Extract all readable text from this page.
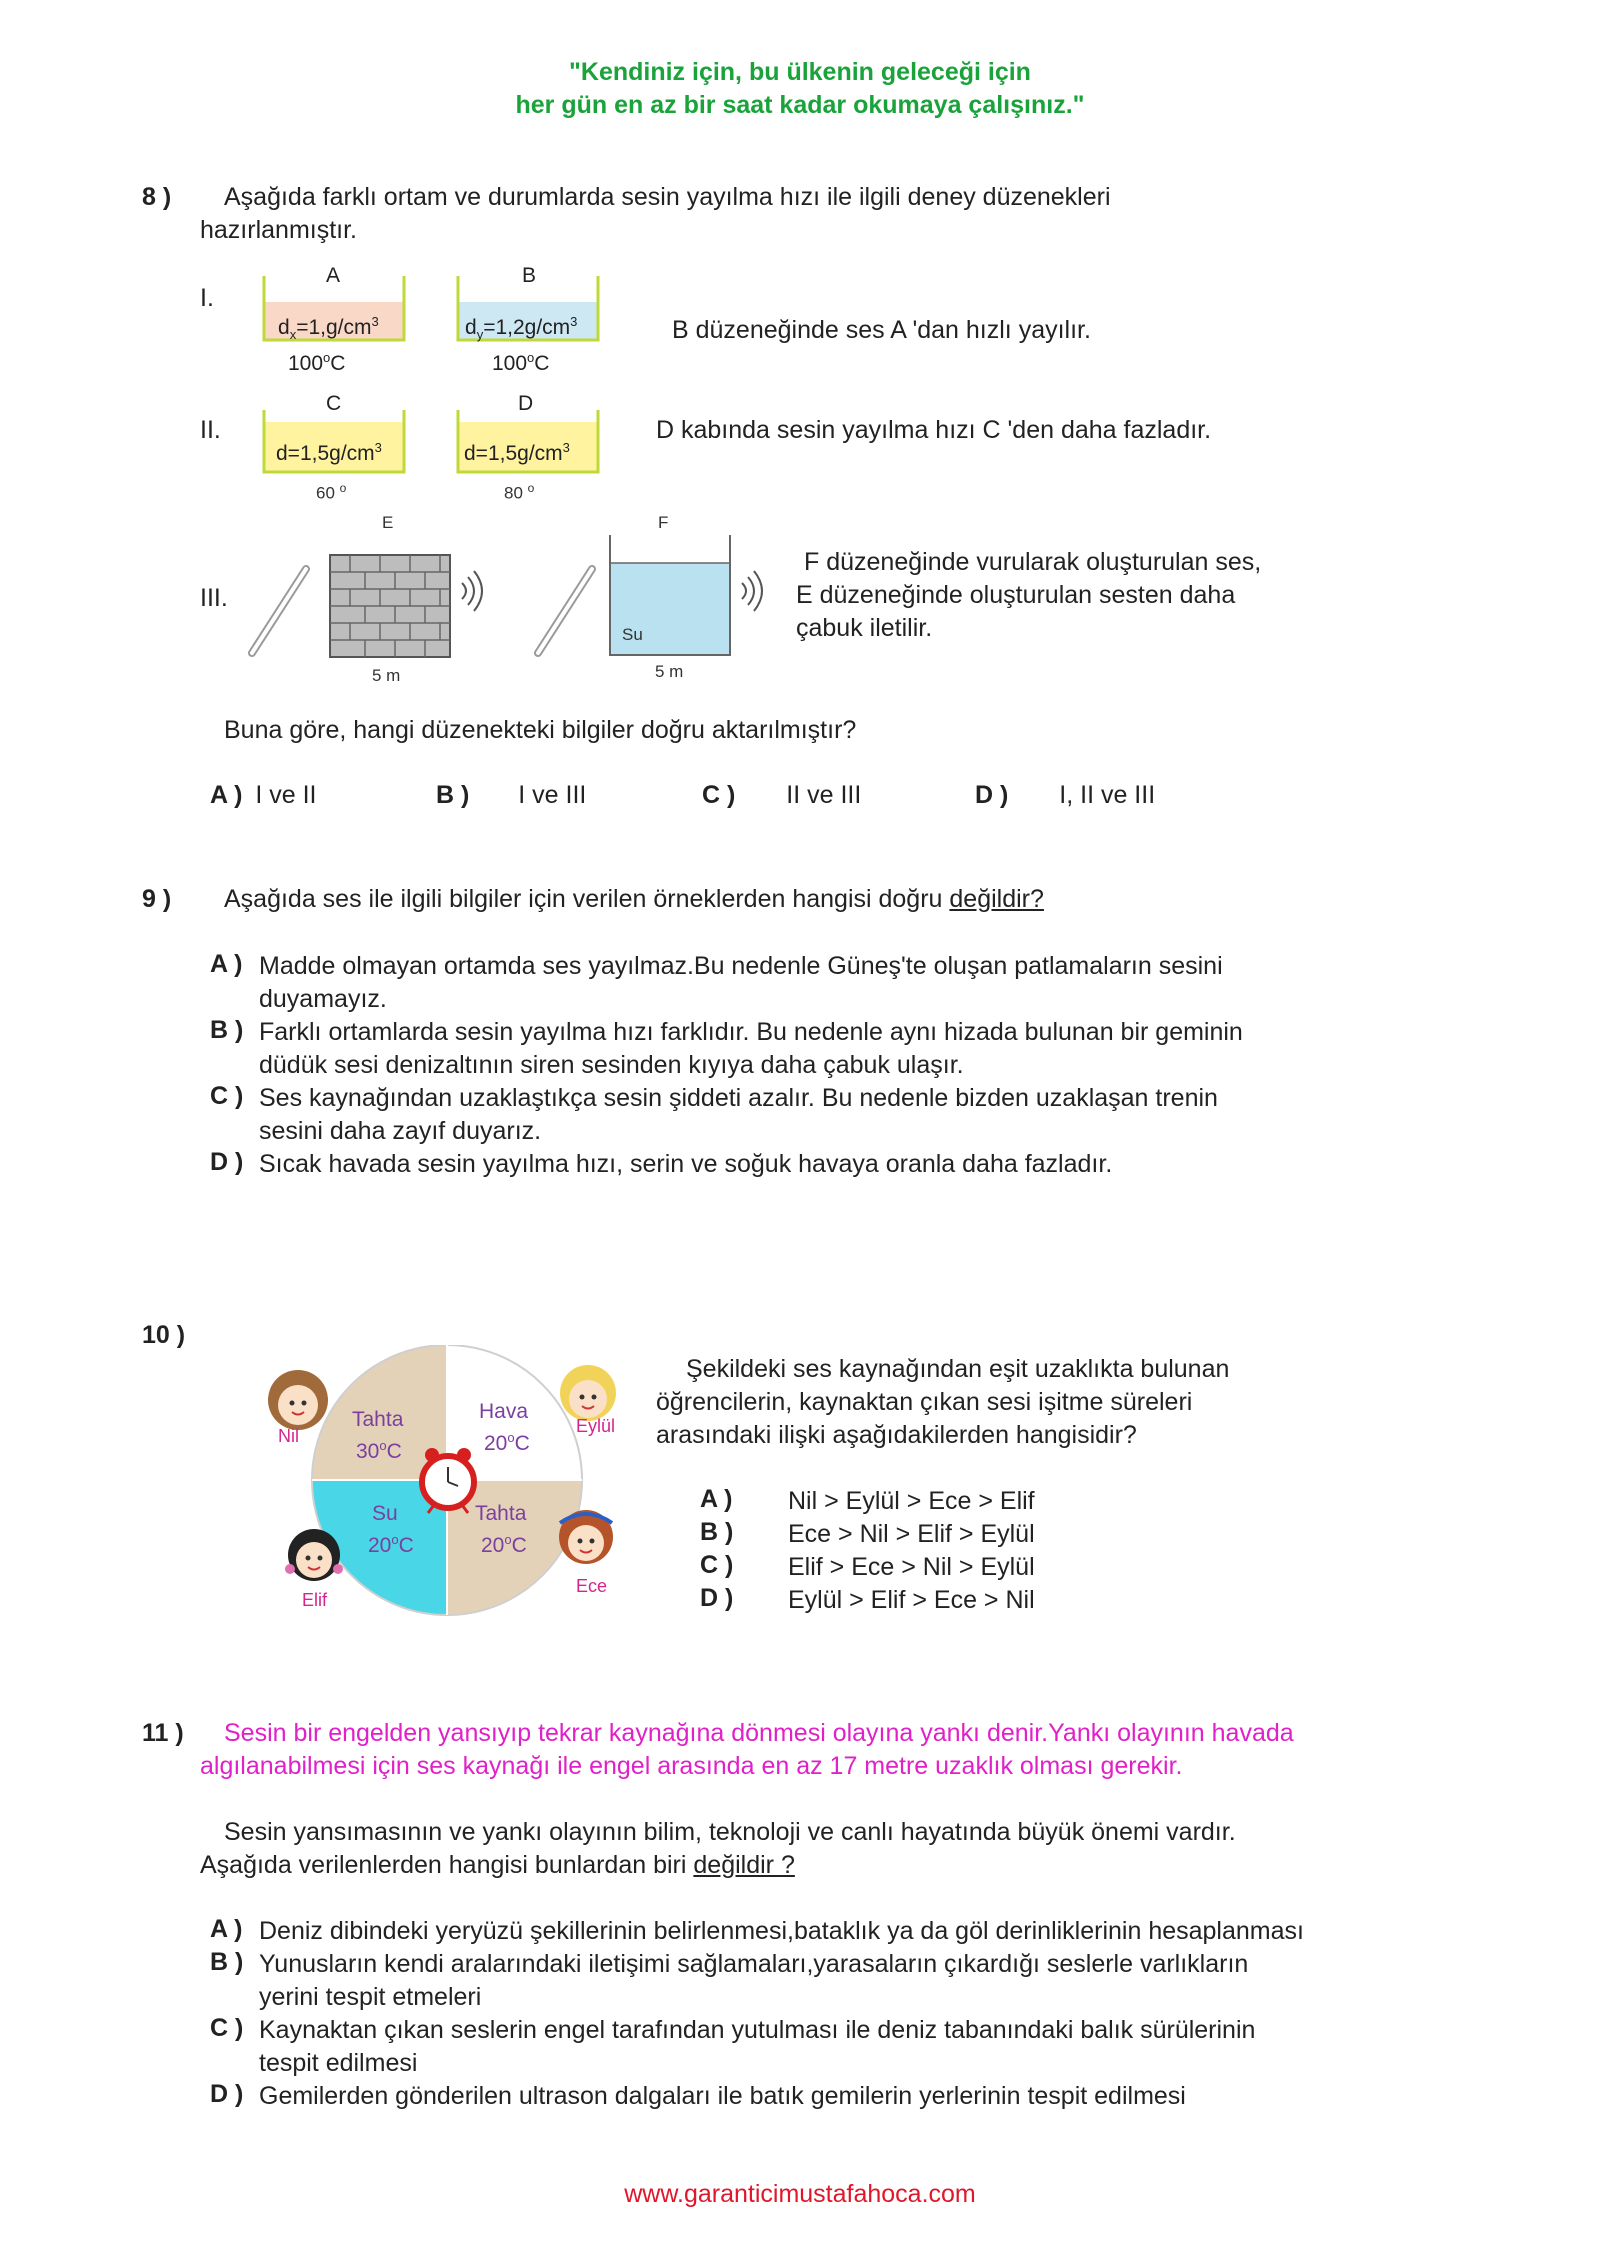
"Kendiniz için, bu ülkenin geleceği için
her gün en az bir saat kadar okumaya çalışınız."
8 ) Aşağıda farklı ortam ve durumlarda sesin yayılma hızı ile ilgili deney düzenekleri
hazırlanmıştır.
I.
A
$d_x=1,g/cm^3$
100$^o$C
B
$d_y=1,2g/cm^3$
100$^o$C
B düzeneğinde ses A 'dan hızlı yayılır.
II.
C
$d=1,5g/cm^3$
60 $^o$
D
$d=1,5g/cm^3$
80 $^o$
D kabında sesin yayılma hızı C 'den daha fazladır.
III.
E	F
Su
5 m	5 m
F düzeneğinde vurularak oluşturulan ses,
E düzeneğinde oluşturulan sesten daha
çabuk iletilir.
Buna göre, hangi düzenekteki bilgiler doğru aktarılmıştır?
A ) I ve II	B ) I ve III	C ) II ve III	D ) I, II ve III
9 ) Aşağıda ses ile ilgili bilgiler için verilen örneklerden hangisi doğru değildir?
A ) Madde olmayan ortamda ses yayılmaz.Bu nedenle Güneş'te oluşan patlamaların sesini
duyamayız.
B ) Farklı ortamlarda sesin yayılma hızı farklıdır. Bu nedenle aynı hizada bulunan bir geminin
düdük sesi denizaltının siren sesinden kıyıya daha çabuk ulaşır.
C ) Ses kaynağından uzaklaştıkça sesin şiddeti azalır. Bu nedenle bizden uzaklaşan trenin
sesini daha zayıf duyarız.
D ) Sıcak havada sesin yayılma hızı, serin ve soğuk havaya oranla daha fazladır.
10 )
Tahta
30$^o$C
Hava
20$^o$C
Su
20$^o$C
Tahta
20$^o$C
Nil	Eylül
Elif
Ece
Şekildeki ses kaynağından eşit uzaklıkta bulunan
öğrencilerin, kaynaktan çıkan sesi işitme süreleri
arasındaki ilişki aşağıdakilerden hangisidir?
A ) Nil > Eylül > Ece > Elif
B ) Ece > Nil > Elif > Eylül
C ) Elif > Ece > Nil > Eylül
D ) Eylül > Elif > Ece > Nil
11 ) Sesin bir engelden yansıyıp tekrar kaynağına dönmesi olayına yankı denir.Yankı olayının havada
algılanabilmesi için ses kaynağı ile engel arasında en az 17 metre uzaklık olması gerekir.
Sesin yansımasının ve yankı olayının bilim, teknoloji ve canlı hayatında büyük önemi vardır.
Aşağıda verilenlerden hangisi bunlardan biri değildir ?
A ) Deniz dibindeki yeryüzü şekillerinin belirlenmesi,bataklık ya da göl derinliklerinin hesaplanması
B ) Yunusların kendi aralarındaki iletişimi sağlamaları,yarasaların çıkardığı seslerle varlıkların
yerini tespit etmeleri
C ) Kaynaktan çıkan seslerin engel tarafından yutulması ile deniz tabanındaki balık sürülerinin
tespit edilmesi
D ) Gemilerden gönderilen ultrason dalgaları ile batık gemilerin yerlerinin tespit edilmesi
www.garanticimustafahoca.com
